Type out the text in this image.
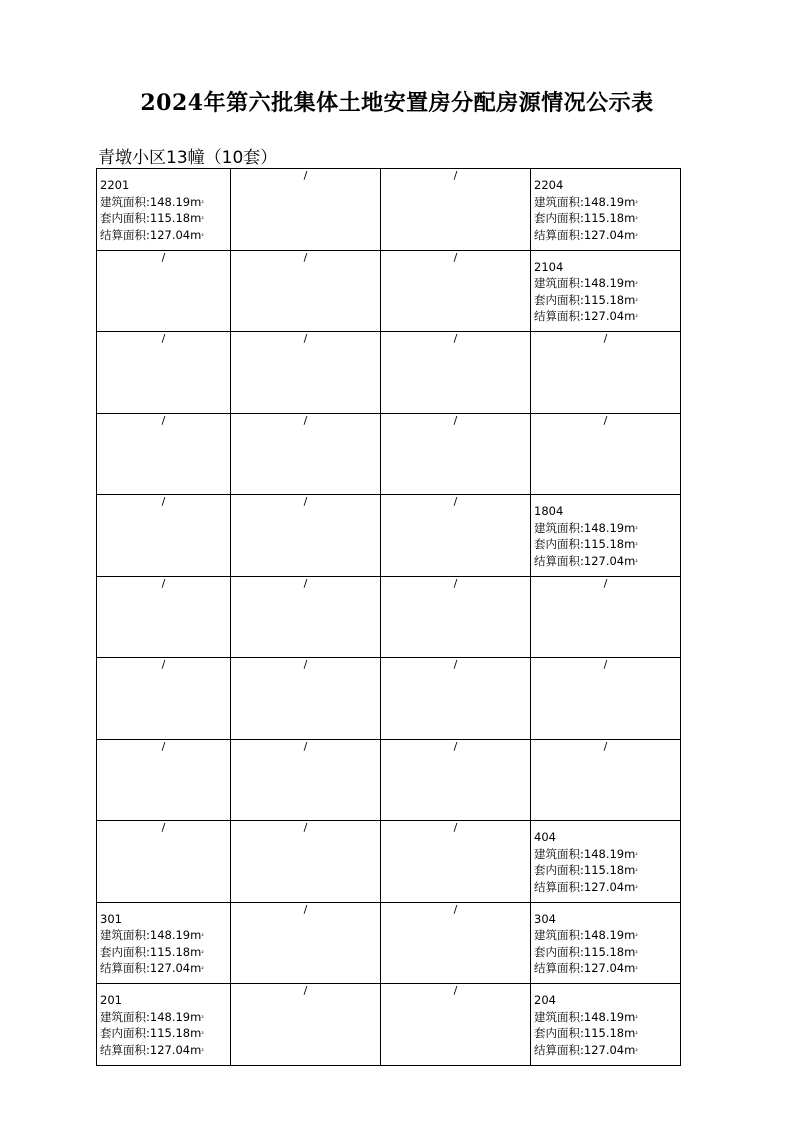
2024年第六批集体土地安置房分配房源情况公示表
青墩小区13幢（10套）
2201
建筑面积$:148.19m^{^2}$
套内面积$:115.18m^{^2}$
结算面积$:127.04m^{^2}$	/	/	2204
建筑面积$:148.19m^{^2}$
套内面积$:115.18m^{^2}$
结算面积$:127.04m^{^2}$

/	/	/	2104
建筑面积$:148.19m^{^2}$
套内面积$:115.18m^{^2}$
结算面积$:127.04m^{^2}$

/	/	/	/
/	/	/	/
/	/	/	1804
建筑面积$:148.19m^{^2}$
套内面积$:115.18m^{^2}$
结算面积$:127.04m^{^2}$

/	/	/	/
/	/	/	/
/	/	/	/
/	/	/	404
建筑面积$:148.19m^{^2}$
套内面积$:115.18m^{^2}$
结算面积$:127.04m^{^2}$

301
建筑面积$:148.19m^{^2}$
套内面积$:115.18m^{^2}$
结算面积$:127.04m^{^2}$	/	/	304
建筑面积$:148.19m^{^2}$
套内面积$:115.18m^{^2}$
结算面积$:127.04m^{^2}$

201
建筑面积$:148.19m^{^2}$
套内面积$:115.18m^{^2}$
结算面积$:127.04m^{^2}$	/	/	204
建筑面积$:148.19m^{^2}$
套内面积$:115.18m^{^2}$
结算面积$:127.04m^{^2}$
